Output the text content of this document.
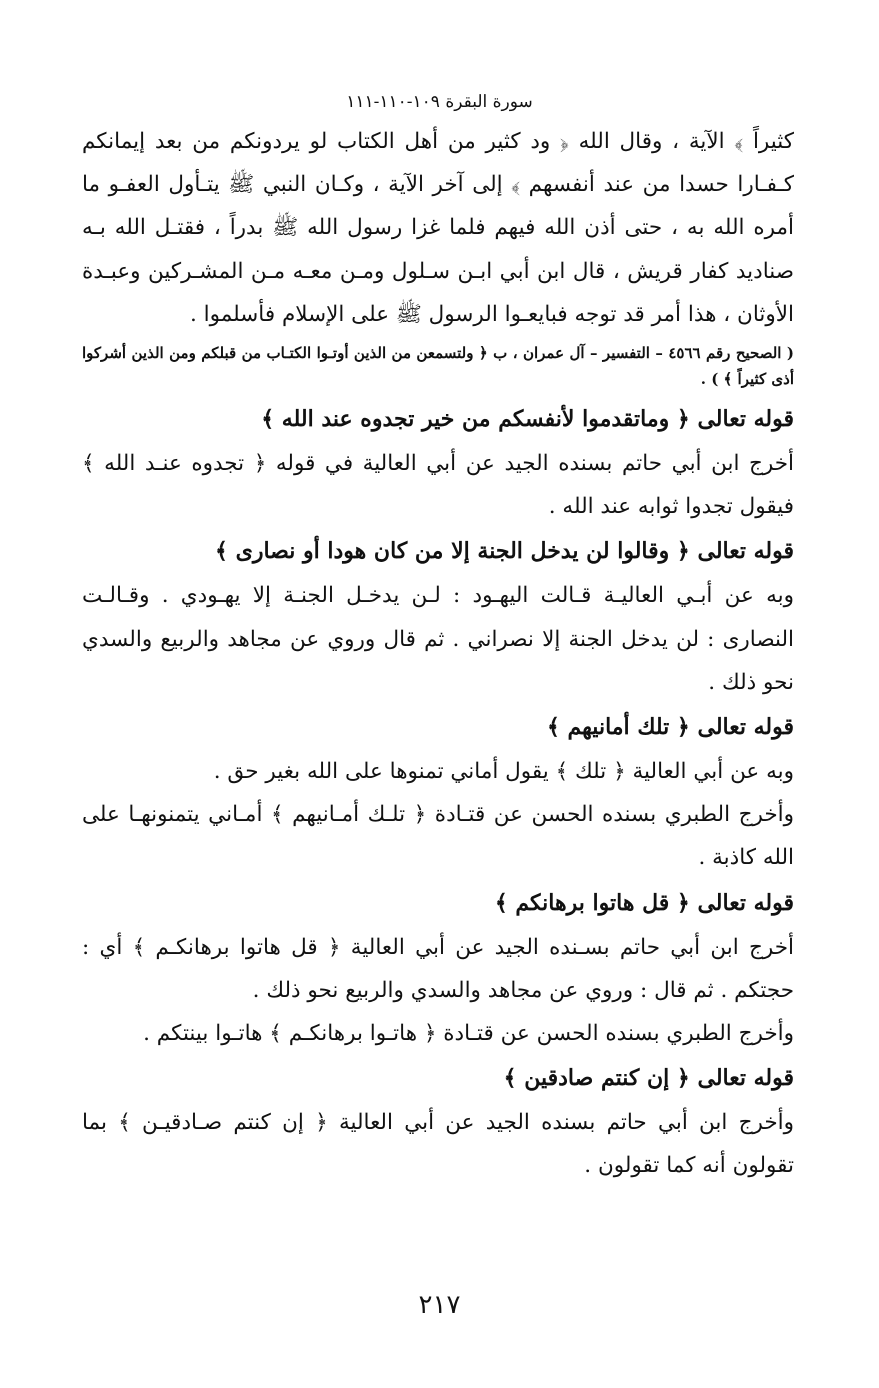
سورة البقرة ١٠٩-١١٠-١١١

كثيراً ﴾ الآية ، وقال الله ﴿ ود كثير من أهل الكتاب لو يردونكم من بعد إيمانكم كـفـارا حسدا من عند أنفسهم ﴾ إلى آخر الآية ، وكـان النبي ﷺ يتـأول العفـو ما أمره الله به ، حتى أذن الله فيهم فلما غزا رسول الله ﷺ بدراً ، فقتـل الله بـه صناديد كفار قريش ، قال ابن أبي ابـن سـلول ومـن معـه مـن المشـركين وعبـدة الأوثان ، هذا أمر قد توجه فبايعـوا الرسول ﷺ على الإسلام فأسلموا .

( الصحيح رقم ٤٥٦٦ – التفسير – آل عمران ، ب ﴿ ولتسمعن من الذين أوتـوا الكتـاب من قبلكم ومن الذين أشركوا أذى كثيراً ﴾ ) .

قوله تعالى ﴿ وماتقدموا لأنفسكم من خير تجدوه عند الله ﴾

أخرج ابن أبي حاتم بسنده الجيد عن أبي العالية في قوله ﴿ تجدوه عنـد الله ﴾ فيقول تجدوا ثوابه عند الله .

قوله تعالى ﴿ وقالوا لن يدخل الجنة إلا من كان هودا أو نصارى ﴾

وبه عن أبـي العاليـة قـالت اليهـود : لـن يدخـل الجنـة إلا يهـودي . وقـالـت النصارى : لن يدخل الجنة إلا نصراني . ثم قال وروي عن مجاهد والربيع والسدي نحو ذلك .

قوله تعالى ﴿ تلك أمانيهم ﴾

وبه عن أبي العالية ﴿ تلك ﴾ يقول أماني تمنوها على الله بغير حق .

وأخرج الطبري بسنده الحسن عن قتـادة ﴿ تلـك أمـانيهم ﴾ أمـاني يتمنونهـا على الله كاذبة .

قوله تعالى ﴿ قل هاتوا برهانكم ﴾

أخرج ابن أبي حاتم بسـنده الجيد عن أبي العالية ﴿ قل هاتوا برهانكـم ﴾ أي : حجتكم . ثم قال : وروي عن مجاهد والسدي والربيع نحو ذلك .

وأخرج الطبري بسنده الحسن عن قتـادة ﴿ هاتـوا برهانكـم ﴾ هاتـوا بينتكم .

قوله تعالى ﴿ إن كنتم صادقين ﴾

وأخرج ابن أبي حاتم بسنده الجيد عن أبي العالية ﴿ إن كنتم صـادقيـن ﴾ بما تقولون أنه كما تقولون .

٢١٧
